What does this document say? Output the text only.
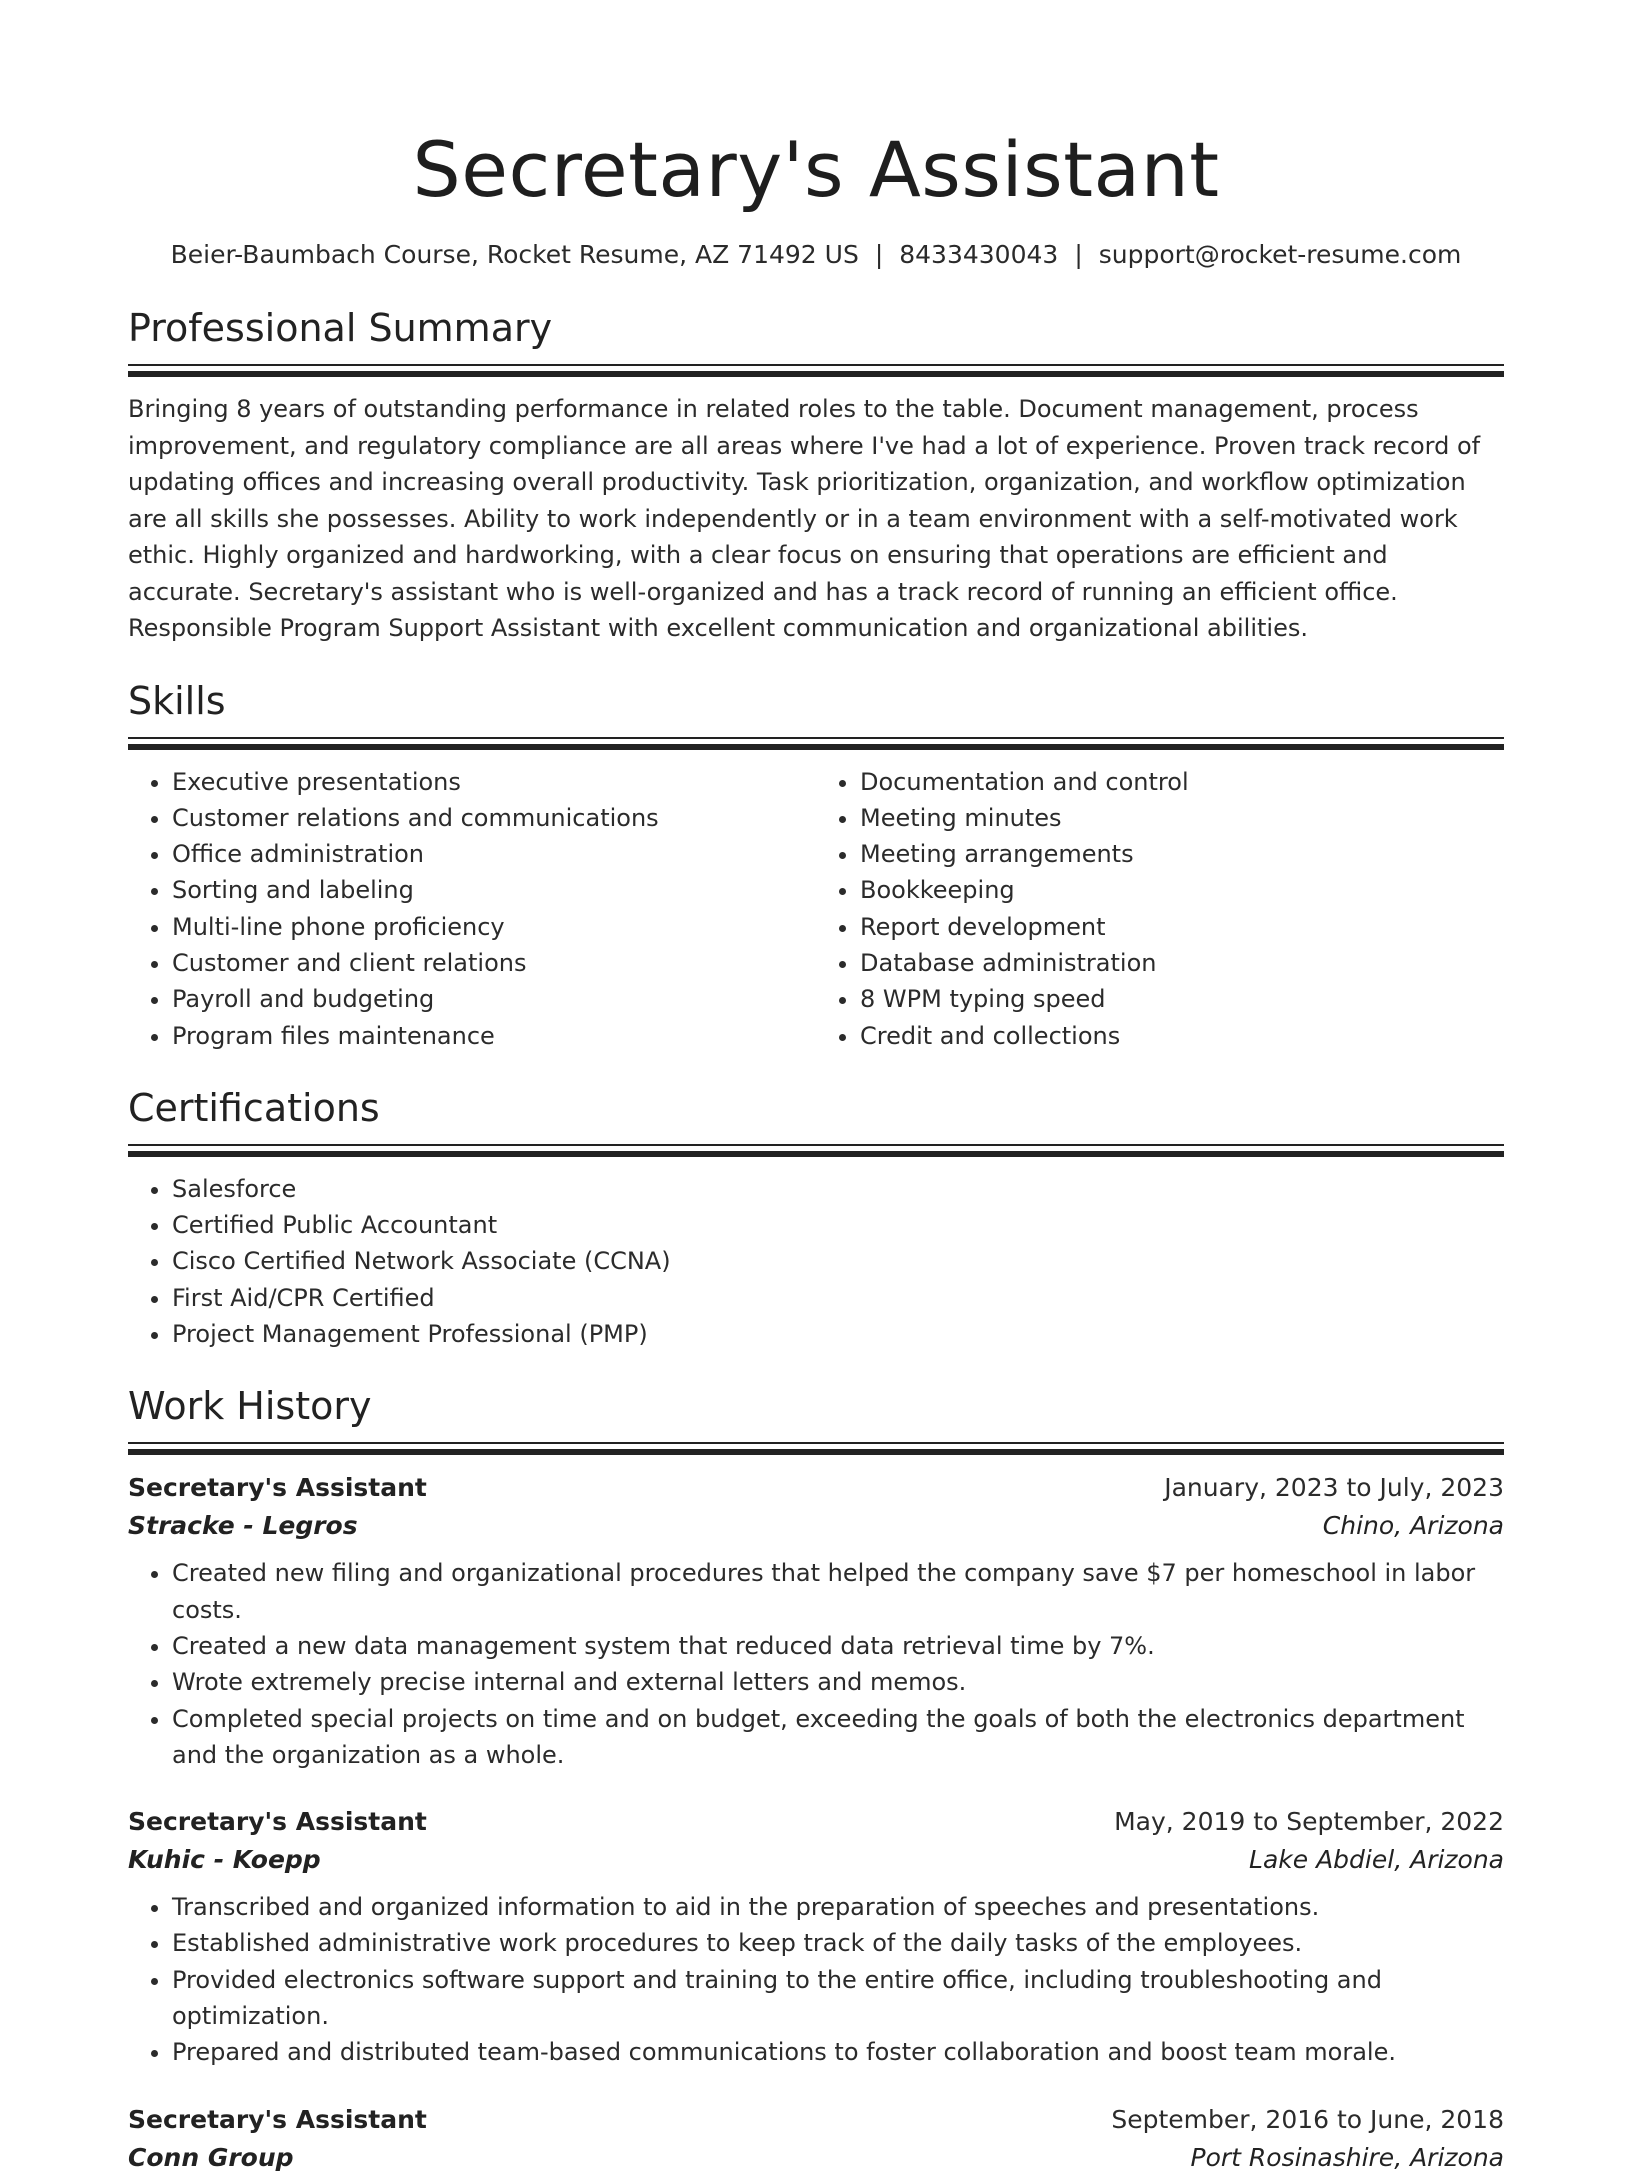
Secretary's Assistant
Beier-Baumbach Course, Rocket Resume, AZ 71492 US | 8433430043 | support@rocket-resume.com
Professional Summary
Bringing 8 years of outstanding performance in related roles to the table. Document management, process improvement, and regulatory compliance are all areas where I've had a lot of experience. Proven track record of updating offices and increasing overall productivity. Task prioritization, organization, and workflow optimization are all skills she possesses. Ability to work independently or in a team environment with a self-motivated work ethic. Highly organized and hardworking, with a clear focus on ensuring that operations are efficient and accurate. Secretary's assistant who is well-organized and has a track record of running an efficient office. Responsible Program Support Assistant with excellent communication and organizational abilities.
Skills
• Executive presentations
• Customer relations and communications
• Office administration
• Sorting and labeling
• Multi-line phone proficiency
• Customer and client relations
• Payroll and budgeting
• Program files maintenance
• Documentation and control
• Meeting minutes
• Meeting arrangements
• Bookkeeping
• Report development
• Database administration
• 8 WPM typing speed
• Credit and collections
Certifications
• Salesforce
• Certified Public Accountant
• Cisco Certified Network Associate (CCNA)
• First Aid/CPR Certified
• Project Management Professional (PMP)
Work History
Secretary's Assistant	January, 2023 to July, 2023
Stracke - Legros	Chino, Arizona
• Created new filing and organizational procedures that helped the company save $7 per homeschool in labor costs.
• Created a new data management system that reduced data retrieval time by 7%.
• Wrote extremely precise internal and external letters and memos.
• Completed special projects on time and on budget, exceeding the goals of both the electronics department and the organization as a whole.
Secretary's Assistant	May, 2019 to September, 2022
Kuhic - Koepp	Lake Abdiel, Arizona
• Transcribed and organized information to aid in the preparation of speeches and presentations.
• Established administrative work procedures to keep track of the daily tasks of the employees.
• Provided electronics software support and training to the entire office, including troubleshooting and optimization.
• Prepared and distributed team-based communications to foster collaboration and boost team morale.
Secretary's Assistant	September, 2016 to June, 2018
Conn Group	Port Rosinashire, Arizona
